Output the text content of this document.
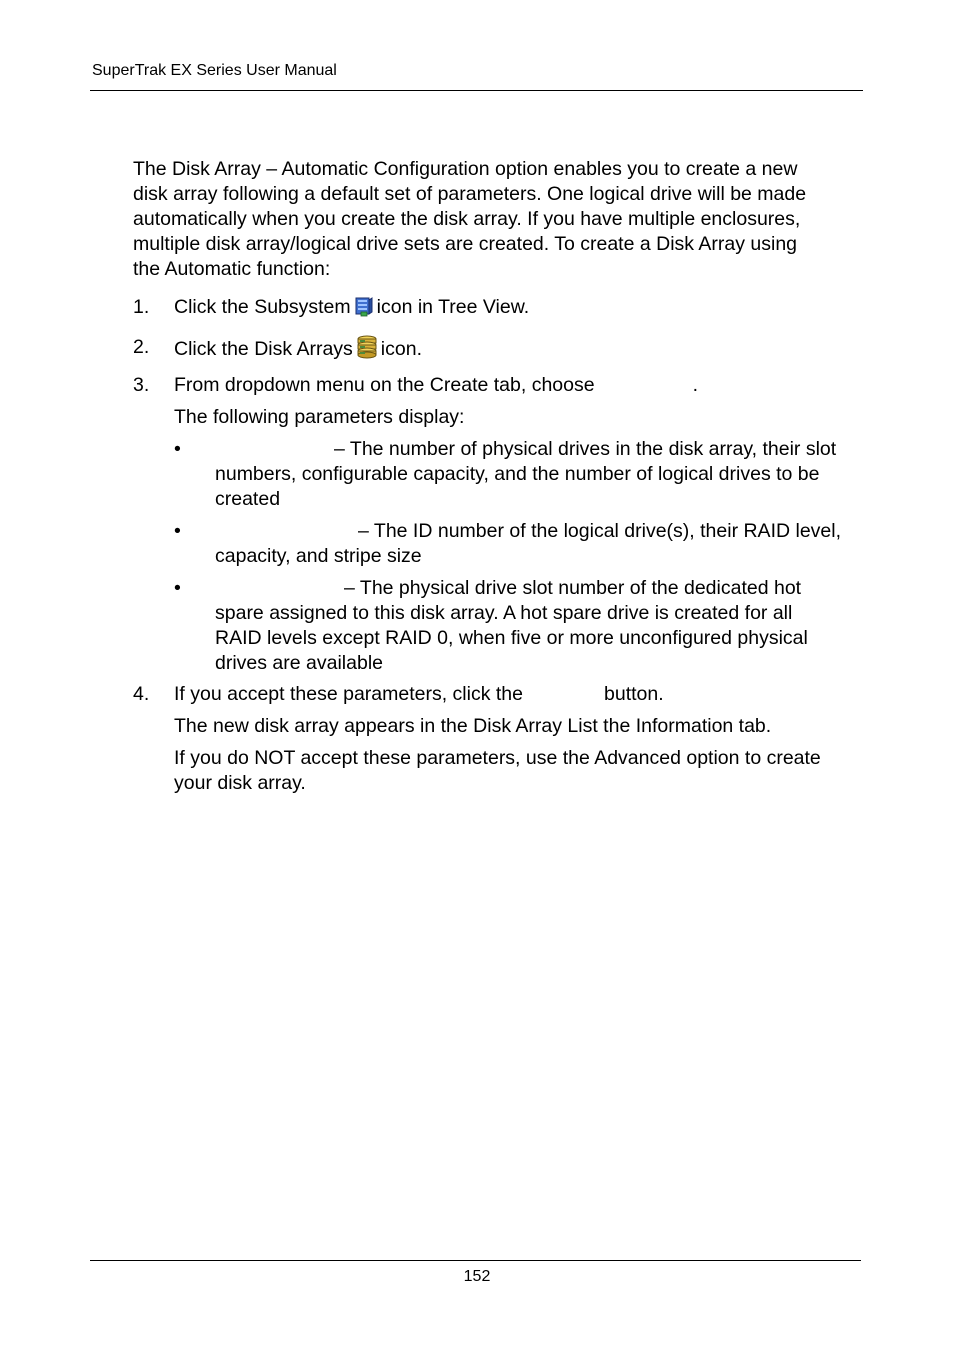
SuperTrak EX Series User Manual
The Disk Array – Automatic Configuration option enables you to create a new
disk array following a default set of parameters. One logical drive will be made
automatically when you create the disk array. If you have multiple enclosures,
multiple disk array/logical drive sets are created. To create a Disk Array using
the Automatic function:
1. Click the Subsystem icon in Tree View.
2. Click the Disk Arrays icon.
3. From dropdown menu on the Create tab, choose	.
The following parameters display:
•	– The number of physical drives in the disk array, their slot
numbers, configurable capacity, and the number of logical drives to be
created
•	– The ID number of the logical drive(s), their RAID level,
capacity, and stripe size
•	– The physical drive slot number of the dedicated hot
spare assigned to this disk array. A hot spare drive is created for all
RAID levels except RAID 0, when five or more unconfigured physical
drives are available
4. If you accept these parameters, click the	button.
The new disk array appears in the Disk Array List the Information tab.
If you do NOT accept these parameters, use the Advanced option to create
your disk array.
152
